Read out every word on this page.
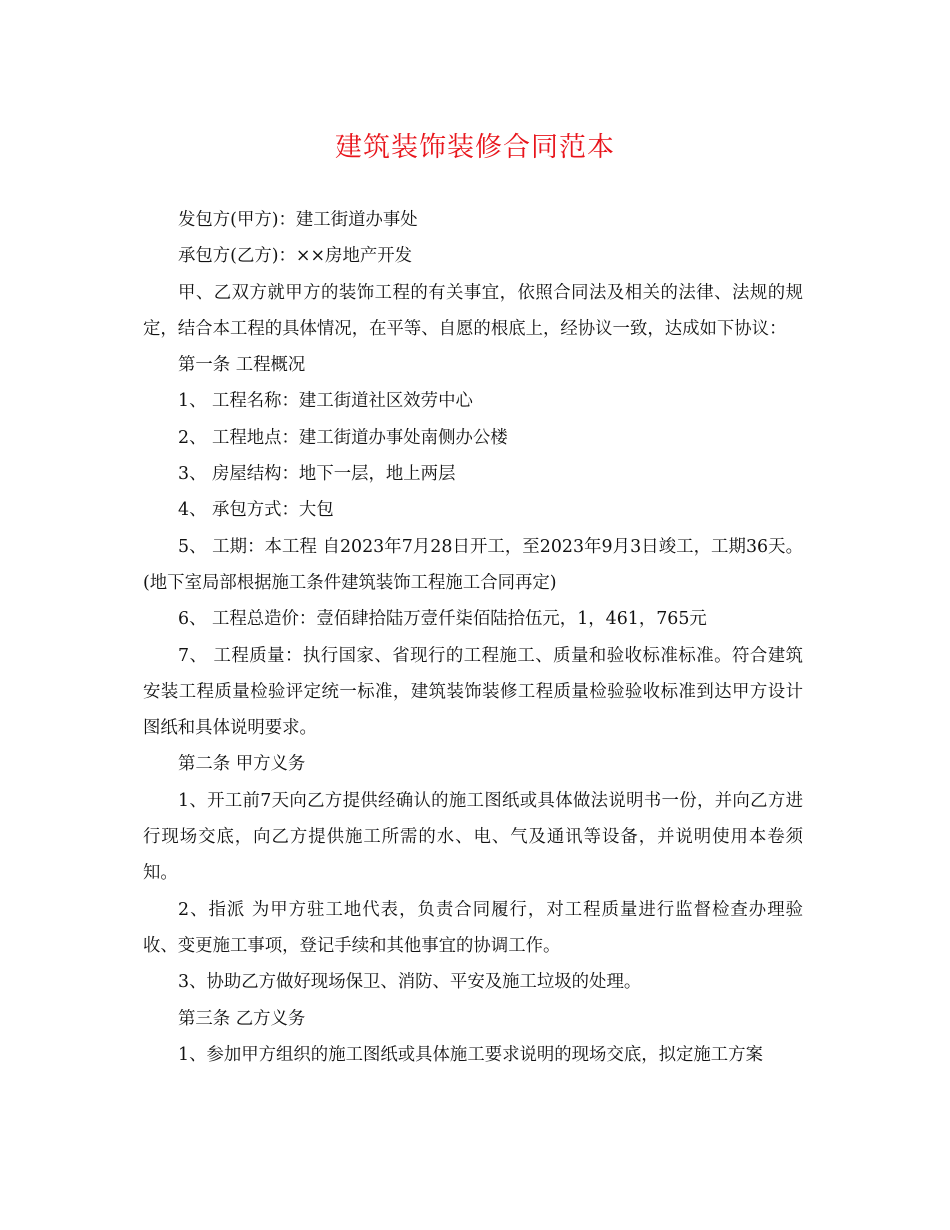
建筑装饰装修合同范本

发包方(甲方)：建工街道办事处

承包方(乙方)：××房地产开发

甲、乙双方就甲方的装饰工程的有关事宜，依照合同法及相关的法律、法规的规定，结合本工程的具体情况，在平等、自愿的根底上，经协议一致，达成如下协议：

第一条 工程概况

1、 工程名称：建工街道社区效劳中心

2、 工程地点：建工街道办事处南侧办公楼

3、 房屋结构：地下一层，地上两层

4、 承包方式：大包

5、 工期：本工程 自2023年7月28日开工，至2023年9月3日竣工，工期36天。(地下室局部根据施工条件建筑装饰工程施工合同再定)

6、 工程总造价：壹佰肆拾陆万壹仟柒佰陆拾伍元，1，461，765元

7、 工程质量：执行国家、省现行的工程施工、质量和验收标准标准。符合建筑安装工程质量检验评定统一标准，建筑装饰装修工程质量检验验收标准到达甲方设计图纸和具体说明要求。

第二条 甲方义务

1、开工前7天向乙方提供经确认的施工图纸或具体做法说明书一份，并向乙方进行现场交底，向乙方提供施工所需的水、电、气及通讯等设备，并说明使用本卷须知。

2、指派 为甲方驻工地代表，负责合同履行，对工程质量进行监督检查办理验收、变更施工事项，登记手续和其他事宜的协调工作。

3、协助乙方做好现场保卫、消防、平安及施工垃圾的处理。

第三条 乙方义务

1、参加甲方组织的施工图纸或具体施工要求说明的现场交底，拟定施工方案
